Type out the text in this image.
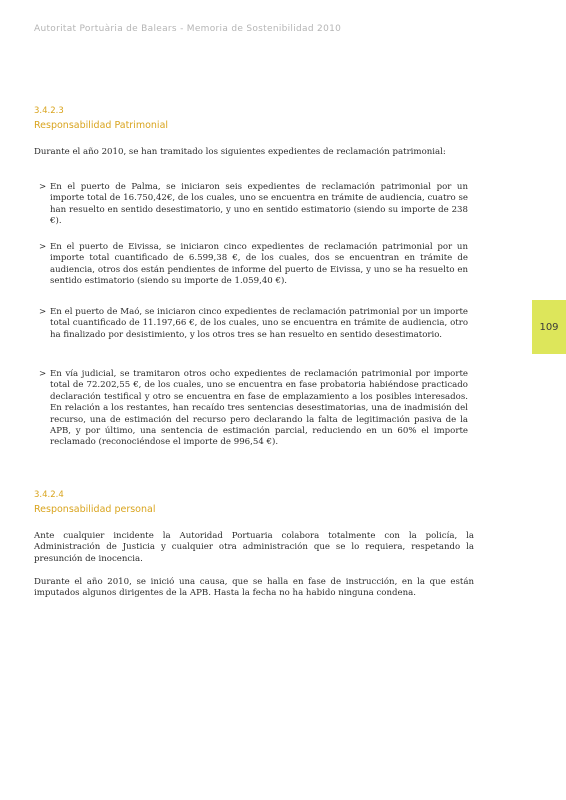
Autoritat Portuària de Balears - Memoria de Sostenibilidad 2010
3.4.2.3
Responsabilidad Patrimonial
Durante el año 2010, se han tramitado los siguientes expedientes de reclamación patrimonial:
> En el puerto de Palma, se iniciaron seis expedientes de reclamación patrimonial por un importe total de 16.750,42€, de los cuales, uno se encuentra en trámite de audiencia, cuatro se han resuelto en sentido desestimatorio, y uno en sentido estimatorio (siendo su importe de 238 €).
> En el puerto de Eivissa, se iniciaron cinco expedientes de reclamación patrimonial por un importe total cuantificado de 6.599,38 €, de los cuales, dos se encuentran en trámite de audiencia, otros dos están pendientes de informe del puerto de Eivissa, y uno se ha resuelto en sentido estimatorio (siendo su importe de 1.059,40 €).
> En el puerto de Maó, se iniciaron cinco expedientes de reclamación patrimonial por un importe total cuantificado de 11.197,66 €, de los cuales, uno se encuentra en trámite de audiencia, otro ha finalizado por desistimiento, y los otros tres se han resuelto en sentido desestimatorio.
> En vía judicial, se tramitaron otros ocho expedientes de reclamación patrimonial por importe total de 72.202,55 €, de los cuales, uno se encuentra en fase probatoria habiéndose practicado declaración testifical y otro se encuentra en fase de emplazamiento a los posibles interesados. En relación a los restantes, han recaído tres sentencias desestimatorias, una de inadmisión del recurso, una de estimación del recurso pero declarando la falta de legitimación pasiva de la APB, y por último, una sentencia de estimación parcial, reduciendo en un 60% el importe reclamado (reconociéndose el importe de 996,54 €).
3.4.2.4
Responsabilidad personal
Ante cualquier incidente la Autoridad Portuaria colabora totalmente con la policía, la Administración de Justicia y cualquier otra administración que se lo requiera, respetando la presunción de inocencia.
Durante el año 2010, se inició una causa, que se halla en fase de instrucción, en la que están imputados algunos dirigentes de la APB. Hasta la fecha no ha habido ninguna condena.
109
